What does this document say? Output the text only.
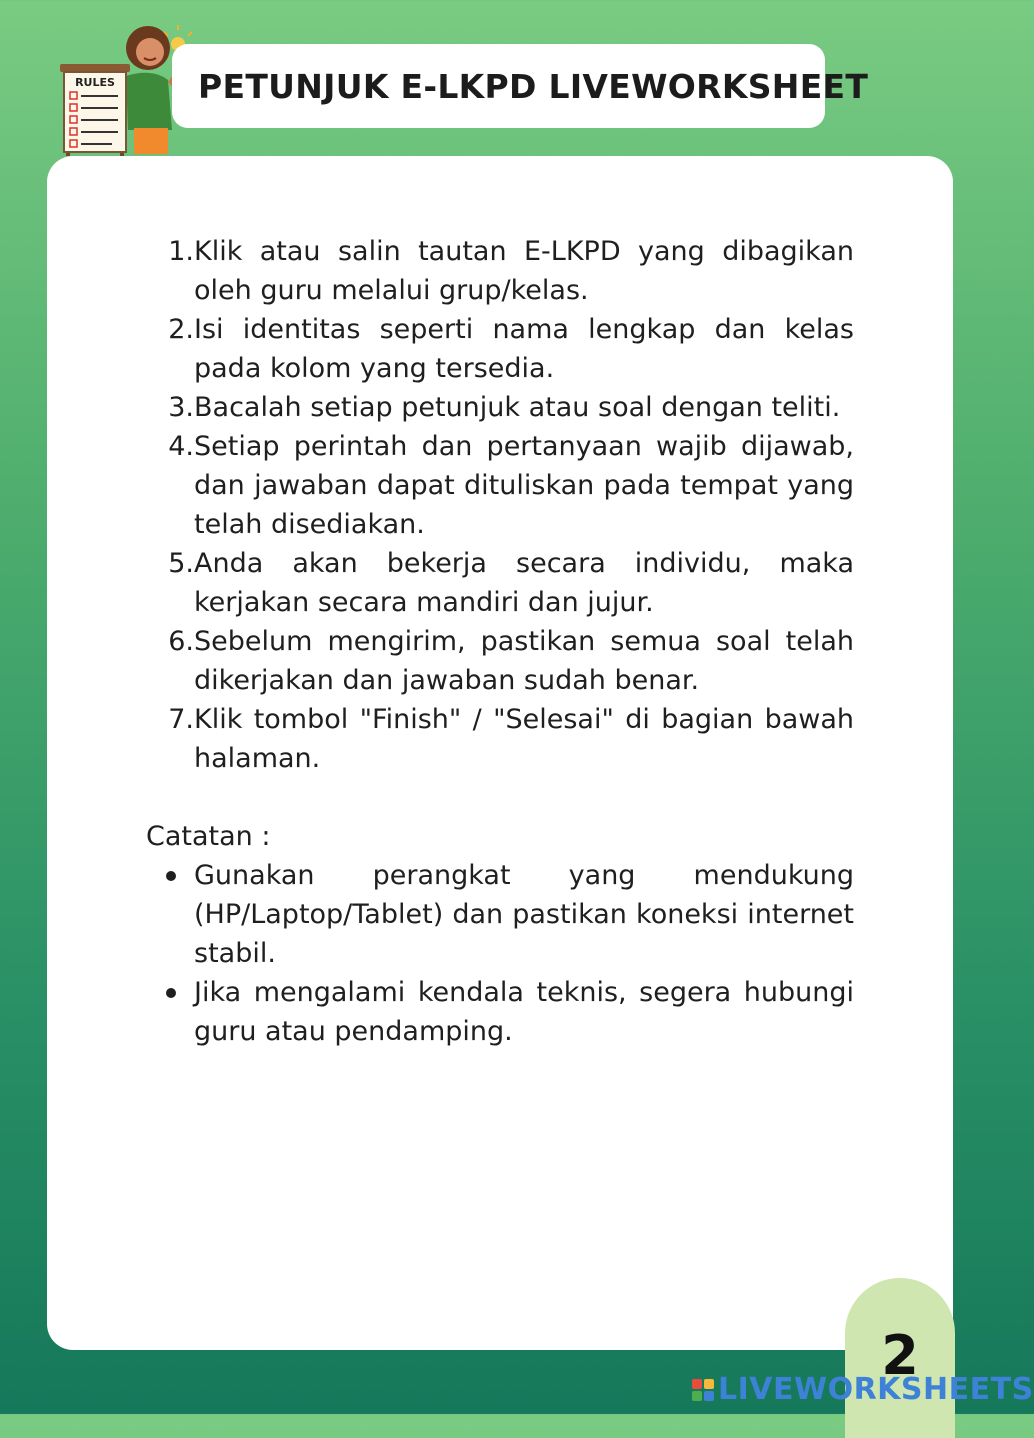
RULES	PETUNJUK E-LKPD LIVEWORKSHEET
1. Klik atau salin tautan E-LKPD yang dibagikan oleh guru melalui grup/kelas.
2. Isi identitas seperti nama lengkap dan kelas pada kolom yang tersedia.
3. Bacalah setiap petunjuk atau soal dengan teliti.
4. Setiap perintah dan pertanyaan wajib dijawab, dan jawaban dapat dituliskan pada tempat yang telah disediakan.
5. Anda akan bekerja secara individu, maka kerjakan secara mandiri dan jujur.
6. Sebelum mengirim, pastikan semua soal telah dikerjakan dan jawaban sudah benar.
7. Klik tombol "Finish" / "Selesai" di bagian bawah halaman.
Catatan :
Gunakan perangkat yang mendukung (HP/Laptop/Tablet) dan pastikan koneksi internet stabil.
Jika mengalami kendala teknis, segera hubungi guru atau pendamping.
2
LIVEWORKSHEETS
